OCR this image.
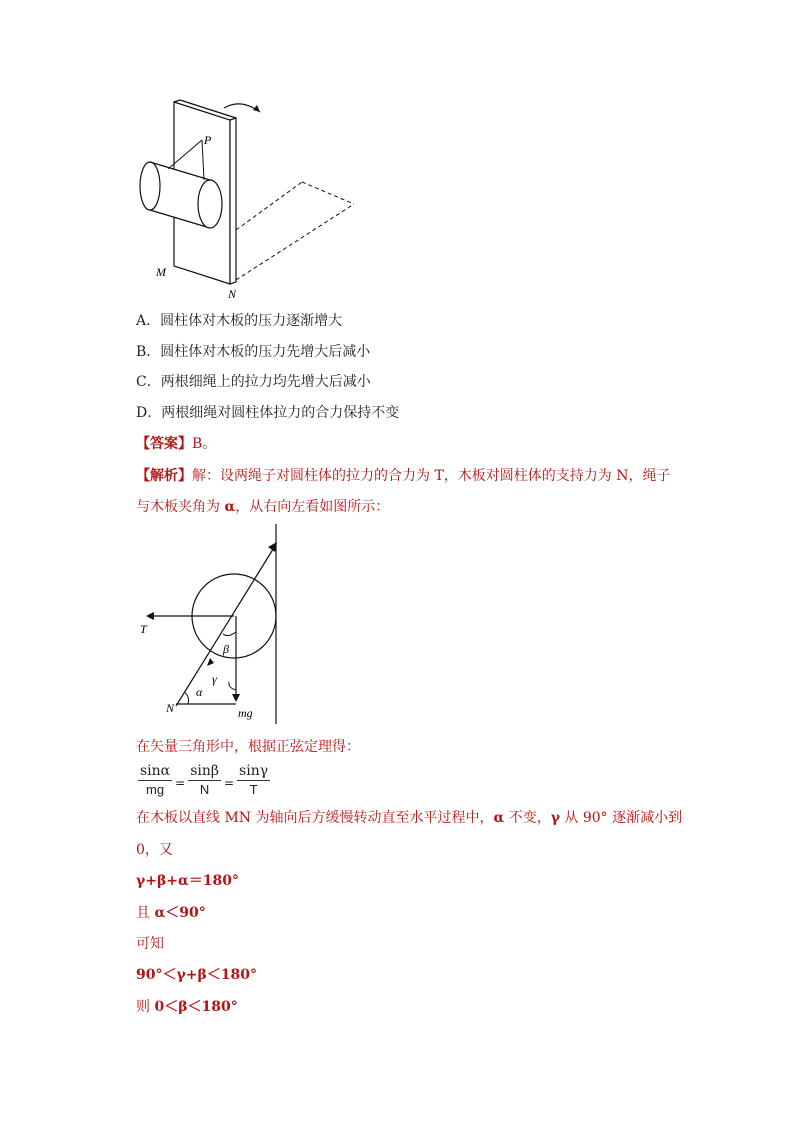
P
M
N
A．圆柱体对木板的压力逐渐增大
B．圆柱体对木板的压力先增大后减小
C．两根细绳上的拉力均先增大后减小
D．两根细绳对圆柱体拉力的合力保持不变
【答案】B。
【解析】解：设两绳子对圆柱体的拉力的合力为 T，木板对圆柱体的支持力为 N，绳子
与木板夹角为 α，从右向左看如图所示：
T
β
γ
α
N	mg
在矢量三角形中，根据正弦定理得：
$\frac{\sin\alpha}{mg} = \frac{\sin\beta}{N} = \frac{\sin\gamma}{T}$
在木板以直线 MN 为轴向后方缓慢转动直至水平过程中，α 不变，γ 从 90° 逐渐减小到
0，又
γ+β+α＝180°
且 α＜90°
可知
90°＜γ+β＜180°
则 0＜β＜180°
